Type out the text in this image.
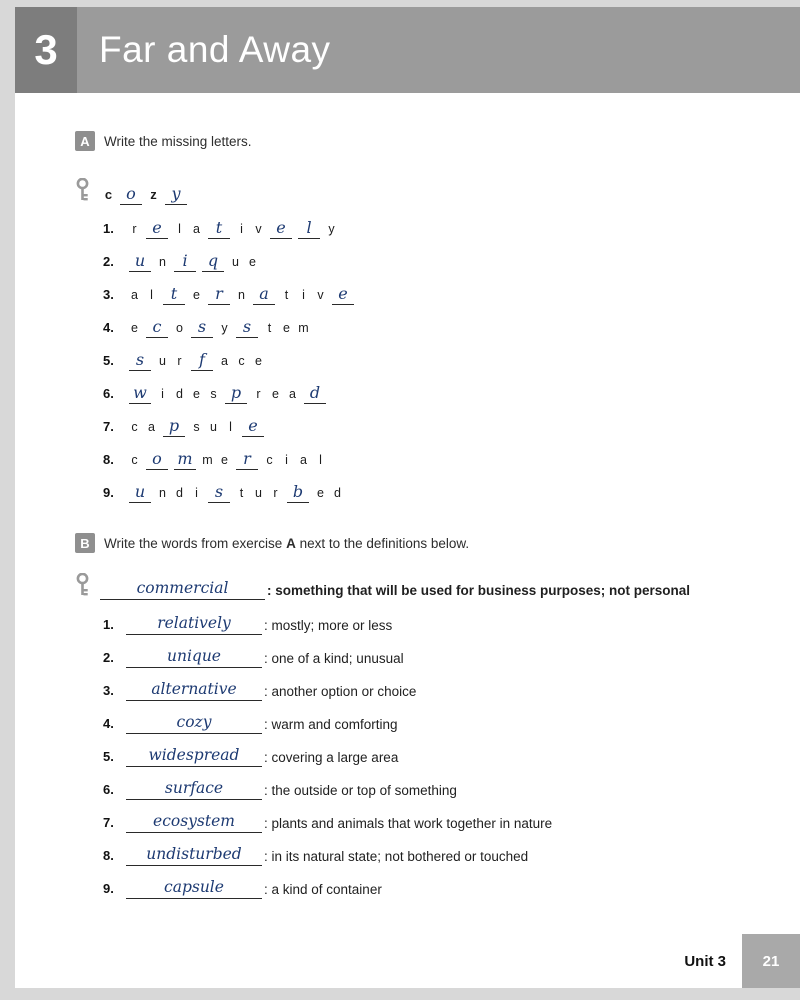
3	Far and Away
A	Write the missing letters.
c o	z y
1.	r e	l a t	i v e	l	y
2.	u	n	i	q	u e
3.	a l	t	e r	n a	t	i v e
4.	e c	o s	y s	t e m
5.	s	u r	f	a c e
6.	w	i d e s p	r e a d
7.	c a p	s u l	e
8.	c o m m e r	c i a l
9.	u	n d i	s	t u r b	e d
B	Write the words from exercise A next to the definitions below.
commercial	: something that will be used for business purposes; not personal
1.	relatively	: mostly; more or less
2.	unique	: one of a kind; unusual
3.	alternative	: another option or choice
4.	cozy	: warm and comforting
5.	widespread	: covering a large area
6.	surface	: the outside or top of something
7.	ecosystem	: plants and animals that work together in nature
8.	undisturbed	: in its natural state; not bothered or touched
9.	capsule	: a kind of container
Unit 3	21
